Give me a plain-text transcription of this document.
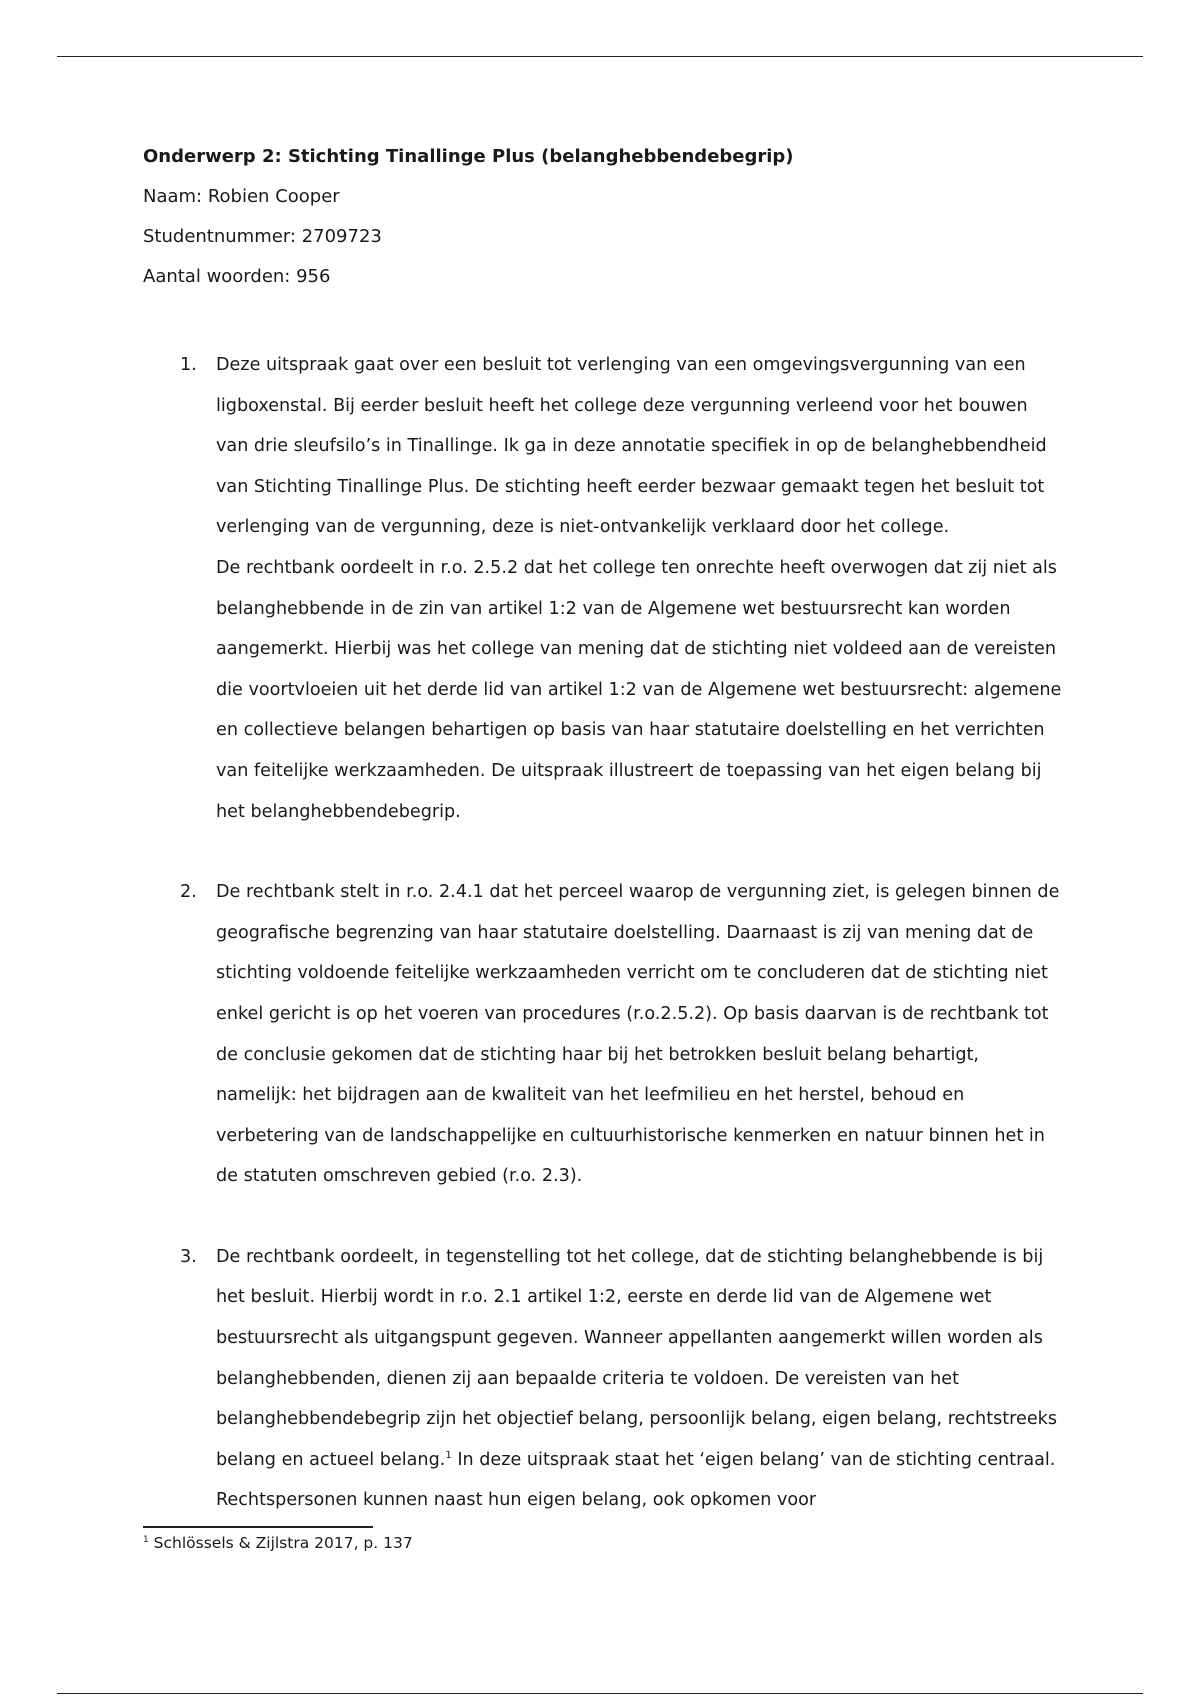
Onderwerp 2: Stichting Tinallinge Plus (belanghebbendebegrip)
Naam: Robien Cooper
Studentnummer: 2709723
Aantal woorden: 956
1. Deze uitspraak gaat over een besluit tot verlenging van een omgevingsvergunning van een ligboxenstal. Bij eerder besluit heeft het college deze vergunning verleend voor het bouwen van drie sleufsilo’s in Tinallinge. Ik ga in deze annotatie specifiek in op de belanghebbendheid van Stichting Tinallinge Plus. De stichting heeft eerder bezwaar gemaakt tegen het besluit tot verlenging van de vergunning, deze is niet-ontvankelijk verklaard door het college.

De rechtbank oordeelt in r.o. 2.5.2 dat het college ten onrechte heeft overwogen dat zij niet als belanghebbende in de zin van artikel 1:2 van de Algemene wet bestuursrecht kan worden aangemerkt. Hierbij was het college van mening dat de stichting niet voldeed aan de vereisten die voortvloeien uit het derde lid van artikel 1:2 van de Algemene wet bestuursrecht: algemene en collectieve belangen behartigen op basis van haar statutaire doelstelling en het verrichten van feitelijke werkzaamheden. De uitspraak illustreert de toepassing van het eigen belang bij het belanghebbendebegrip.

2. De rechtbank stelt in r.o. 2.4.1 dat het perceel waarop de vergunning ziet, is gelegen binnen de geografische begrenzing van haar statutaire doelstelling. Daarnaast is zij van mening dat de stichting voldoende feitelijke werkzaamheden verricht om te concluderen dat de stichting niet enkel gericht is op het voeren van procedures (r.o.2.5.2). Op basis daarvan is de rechtbank tot de conclusie gekomen dat de stichting haar bij het betrokken besluit belang behartigt, namelijk: het bijdragen aan de kwaliteit van het leefmilieu en het herstel, behoud en verbetering van de landschappelijke en cultuurhistorische kenmerken en natuur binnen het in de statuten omschreven gebied (r.o. 2.3).

3. De rechtbank oordeelt, in tegenstelling tot het college, dat de stichting belanghebbende is bij het besluit. Hierbij wordt in r.o. 2.1 artikel 1:2, eerste en derde lid van de Algemene wet bestuursrecht als uitgangspunt gegeven. Wanneer appellanten aangemerkt willen worden als belanghebbenden, dienen zij aan bepaalde criteria te voldoen. De vereisten van het belanghebbendebegrip zijn het objectief belang, persoonlijk belang, eigen belang, rechtstreeks belang en actueel belang.$^1$ In deze uitspraak staat het ‘eigen belang’ van de stichting centraal. Rechtspersonen kunnen naast hun eigen belang, ook opkomen voor

$^1$ Schlössels & Zijlstra 2017, p. 137
